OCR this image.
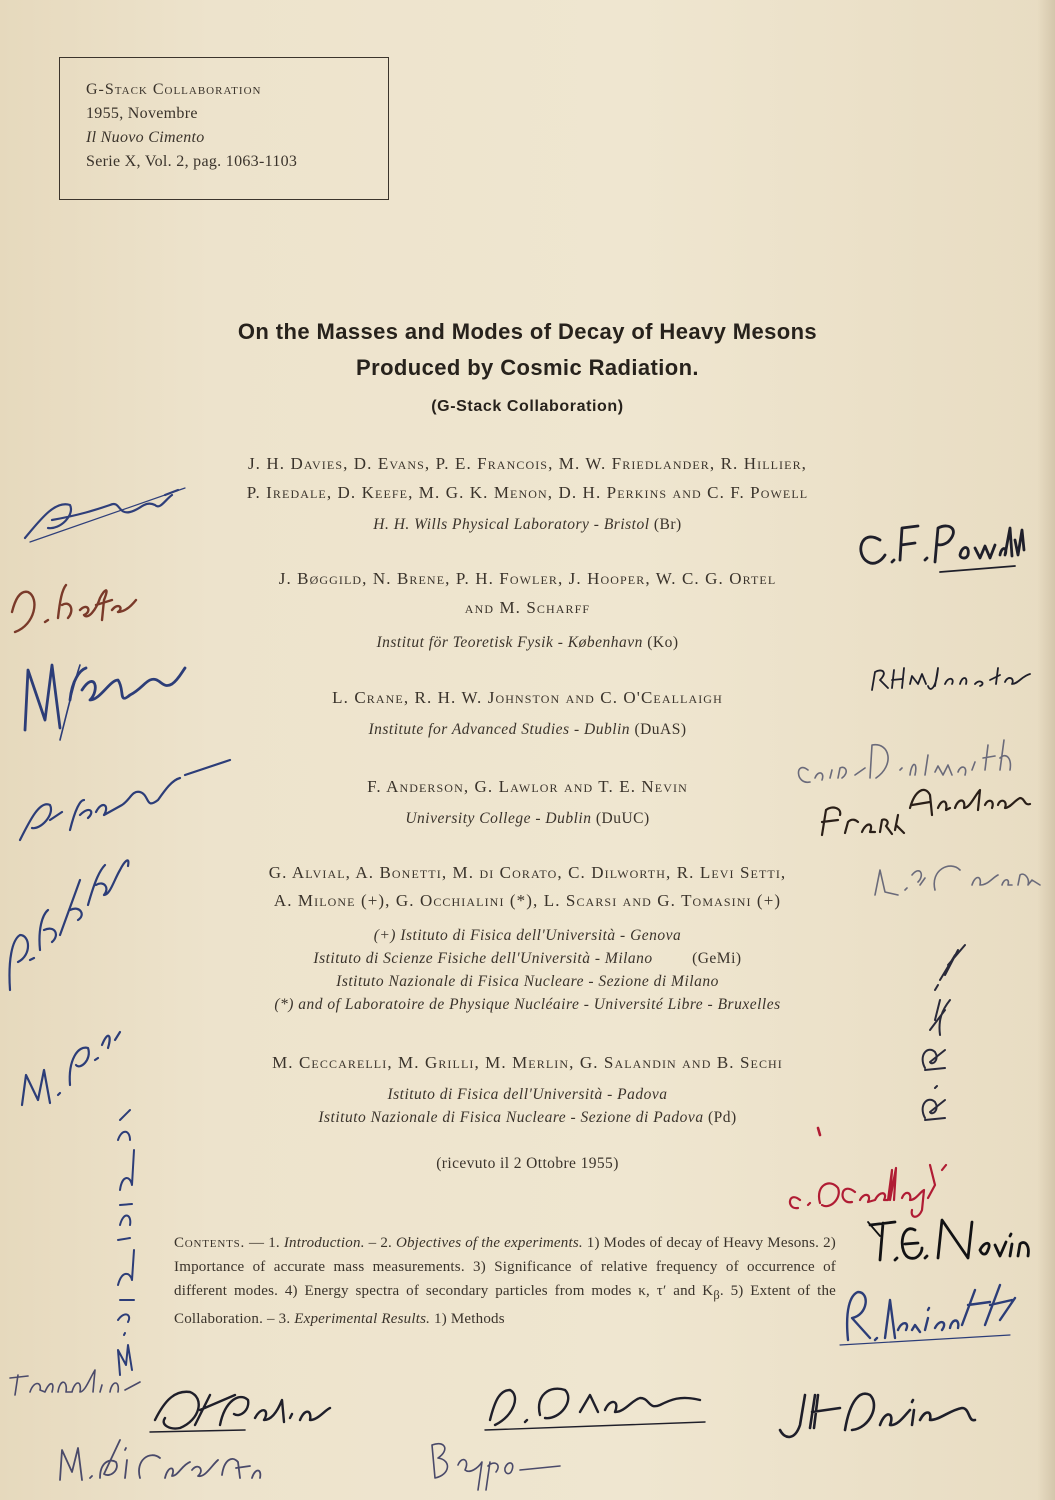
G-Stack Collaboration
1955, Novembre
Il Nuovo Cimento
Serie X, Vol. 2, pag. 1063-1103
On the Masses and Modes of Decay of Heavy Mesons
Produced by Cosmic Radiation.
(G-Stack Collaboration)
J. H. Davies, D. Evans, P. E. Francois, M. W. Friedlander, R. Hillier,
P. Iredale, D. Keefe, M. G. K. Menon, D. H. Perkins and C. F. Powell
H. H. Wills Physical Laboratory - Bristol (Br)
J. Bøggild, N. Brene, P. H. Fowler, J. Hooper, W. C. G. Ortel
and M. Scharff
Institut för Teoretisk Fysik - København (Ko)
L. Crane, R. H. W. Johnston and C. O'Ceallaigh
Institute for Advanced Studies - Dublin (DuAS)
F. Anderson, G. Lawlor and T. E. Nevin
University College - Dublin (DuUC)
G. Alvial, A. Bonetti, M. di Corato, C. Dilworth, R. Levi Setti,
A. Milone (+), G. Occhialini (*), L. Scarsi and G. Tomasini (+)
(+) Istituto di Fisica dell'Università - Genova
Istituto di Scienze Fisiche dell'Università - Milano	(GeMi)
Istituto Nazionale di Fisica Nucleare - Sezione di Milano
(*) and of Laboratoire de Physique Nucléaire - Université Libre - Bruxelles
M. Ceccarelli, M. Grilli, M. Merlin, G. Salandin and B. Sechi
Istituto di Fisica dell'Università - Padova
Istituto Nazionale di Fisica Nucleare - Sezione di Padova (Pd)
(ricevuto il 2 Ottobre 1955)
Contents. — 1. Introduction. – 2. Objectives of the experiments. 1) Modes of decay of Heavy Mesons. 2) Importance of accurate mass measurements. 3) Significance of relative frequency of occurrence of different modes. 4) Energy spectra of secondary particles from modes κ, τ′ and $K_\beta$. 5) Extent of the Collaboration. – 3. Experimental Results. 1) Methods
